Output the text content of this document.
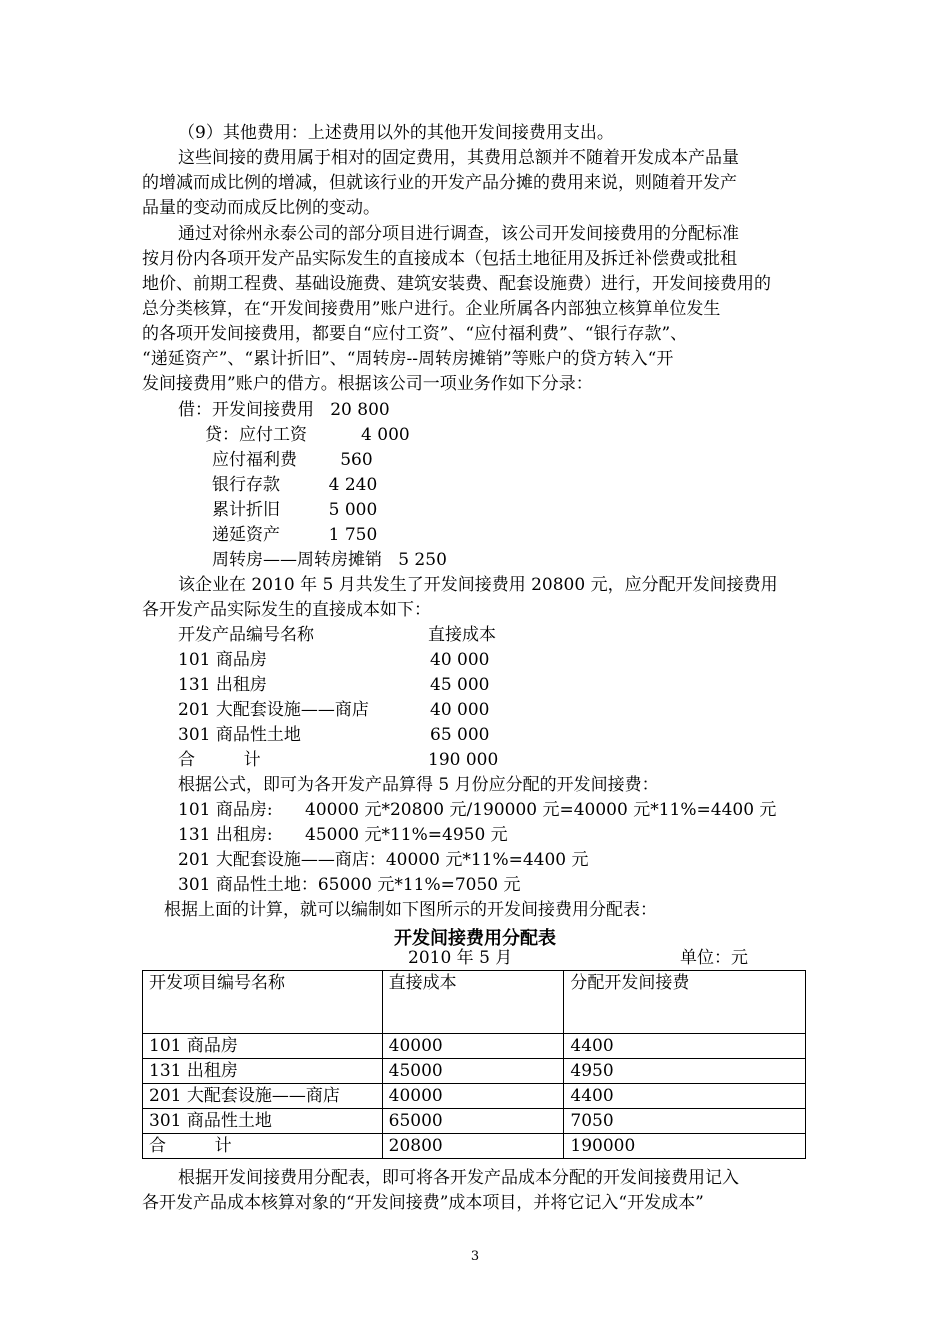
（9）其他费用：上述费用以外的其他开发间接费用支出。
这些间接的费用属于相对的固定费用，其费用总额并不随着开发成本产品量
的增减而成比例的增减，但就该行业的开发产品分摊的费用来说，则随着开发产
品量的变动而成反比例的变动。
通过对徐州永泰公司的部分项目进行调查，该公司开发间接费用的分配标准
按月份内各项开发产品实际发生的直接成本（包括土地征用及拆迁补偿费或批租
地价、前期工程费、基础设施费、建筑安装费、配套设施费）进行，开发间接费用的
总分类核算，在“开发间接费用”账户进行。企业所属各内部独立核算单位发生
的各项开发间接费用，都要自“应付工资”、“应付福利费”、“银行存款”、
“递延资产”、“累计折旧”、“周转房--周转房摊销”等账户的贷方转入“开
发间接费用”账户的借方。根据该公司一项业务作如下分录：
借：开发间接费用   20 800
贷：应付工资          4 000
应付福利费        560
银行存款         4 240
累计折旧         5 000
递延资产         1 750
周转房——周转房摊销   5 250
该企业在 2010 年 5 月共发生了开发间接费用 20800 元，应分配开发间接费用
各开发产品实际发生的直接成本如下：
开发产品编号名称	直接成本
101 商品房	40 000
131 出租房	45 000
201 大配套设施——商店	40 000
301 商品性土地	65 000
合         计	190 000
根据公式，即可为各开发产品算得 5 月份应分配的开发间接费：
101 商品房:      40000 元*20800 元/190000 元=40000 元*11%=4400 元
131 出租房:      45000 元*11%=4950 元
201 大配套设施——商店：40000 元*11%=4400 元
301 商品性土地：65000 元*11%=7050 元
根据上面的计算，就可以编制如下图所示的开发间接费用分配表：
开发间接费用分配表
2010 年 5 月	单位：元
开发项目编号名称	直接成本	分配开发间接费
101 商品房	40000	4400
131 出租房	45000	4950
201 大配套设施——商店	40000	4400
301 商品性土地	65000	7050
合         计	20800	190000
根据开发间接费用分配表，即可将各开发产品成本分配的开发间接费用记入
各开发产品成本核算对象的“开发间接费”成本项目，并将它记入“开发成本”
3
